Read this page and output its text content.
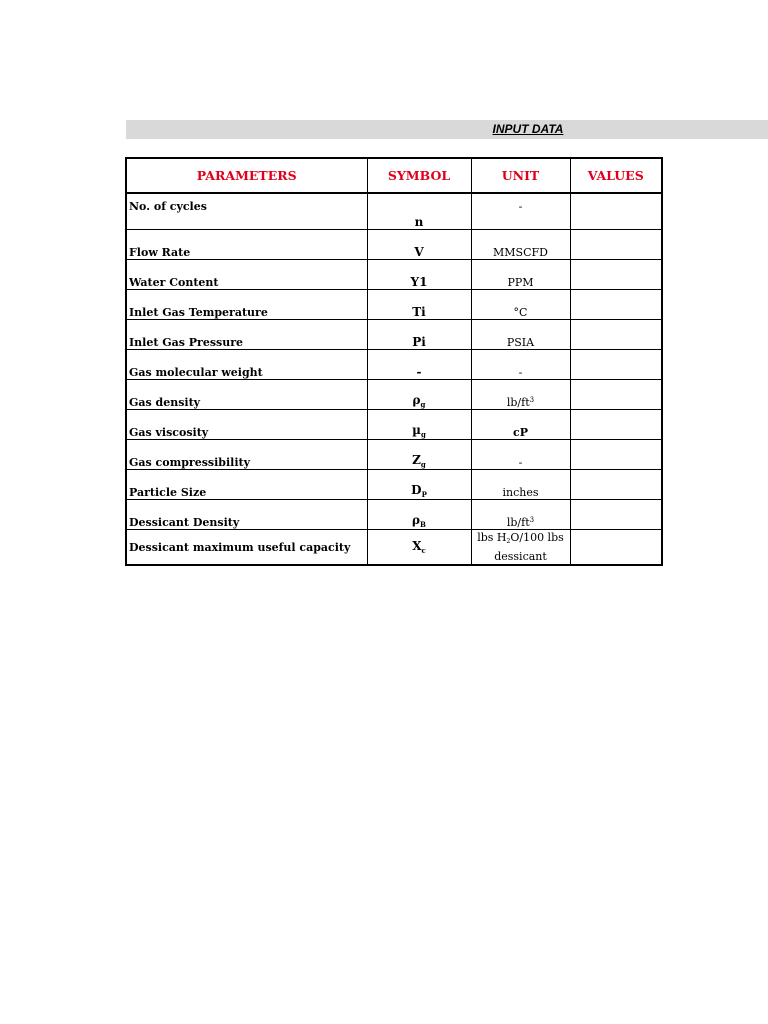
INPUT DATA
PARAMETERS	SYMBOL	UNIT	VALUES
No. of cycles	n	-	
Flow Rate	V	MMSCFD	
Water Content	Y1	PPM	
Inlet Gas Temperature	Ti	°C	
Inlet Gas Pressure	Pi	PSIA	
Gas molecular weight	-	-	
Gas density	$\rho_g$	$lb/ft^3$	
Gas viscosity	µ$_g$	cP	
Gas compressibility	$Z_g$	-	
Particle Size	$D_P$	inches	
Dessicant Density	$\rho_B$	$lb/ft^3$	
Dessicant maximum useful capacity	$X_c$	lbs $H_2O/100$ lbs
dessicant	
